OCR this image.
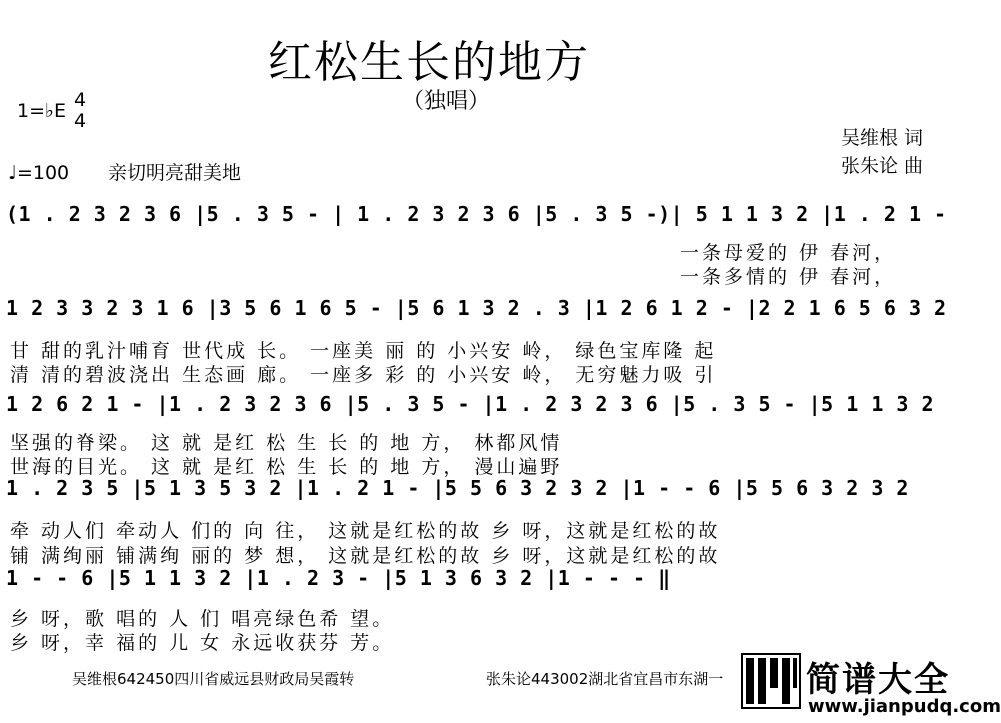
红松生长的地方
（独唱）
1=♭E 4
4
♩=100 亲切明亮甜美地
吴维根 词
张朱论 曲
(1 . 2 3 2 3 6 |5 . 3 5 - | 1 . 2 3 2 3 6 |5 . 3 5 -)| 5 1 1 3 2 |1 . 2 1 -
一条母爱的 伊 春河，
一条多情的 伊 春河，
1 2 3 3 2 3 1 6 |3 5 6 1 6 5 - |5 6 1 3 2 . 3 |1 2 6 1 2 - |2 2 1 6 5 6 3 2
甘 甜的乳汁哺育 世代成 长。 一座美 丽 的 小兴安 岭， 绿色宝库隆 起
清 清的碧波浇出 生态画 廊。 一座多 彩 的 小兴安 岭， 无穷魅力吸 引
1 2 6 2 1 - |1 . 2 3 2 3 6 |5 . 3 5 - |1 . 2 3 2 3 6 |5 . 3 5 - |5 1 1 3 2
坚强的脊梁。 这 就 是红 松 生 长 的 地 方， 林都风情
世海的目光。 这 就 是红 松 生 长 的 地 方， 漫山遍野
1 . 2 3 5 |5 1 3 5 3 2 |1 . 2 1 - |5 5 6 3 2 3 2 |1 - - 6 |5 5 6 3 2 3 2
牵 动人们 牵动人 们的 向 往， 这就是红松的故 乡 呀，这就是红松的故
铺 满绚丽 铺满绚 丽的 梦 想， 这就是红松的故 乡 呀，这就是红松的故
1 - - 6 |5 1 1 3 2 |1 . 2 3 - |5 1 3 6 3 2 |1 - - - ‖
乡 呀，歌 唱的 人 们 唱亮绿色希 望。
乡 呀，幸 福的 儿 女 永远收获芬 芳。
吴维根642450四川省威远县财政局吴霞转	张朱论443002湖北省宜昌市东湖一 简谱大全
www.jianpudq.com
